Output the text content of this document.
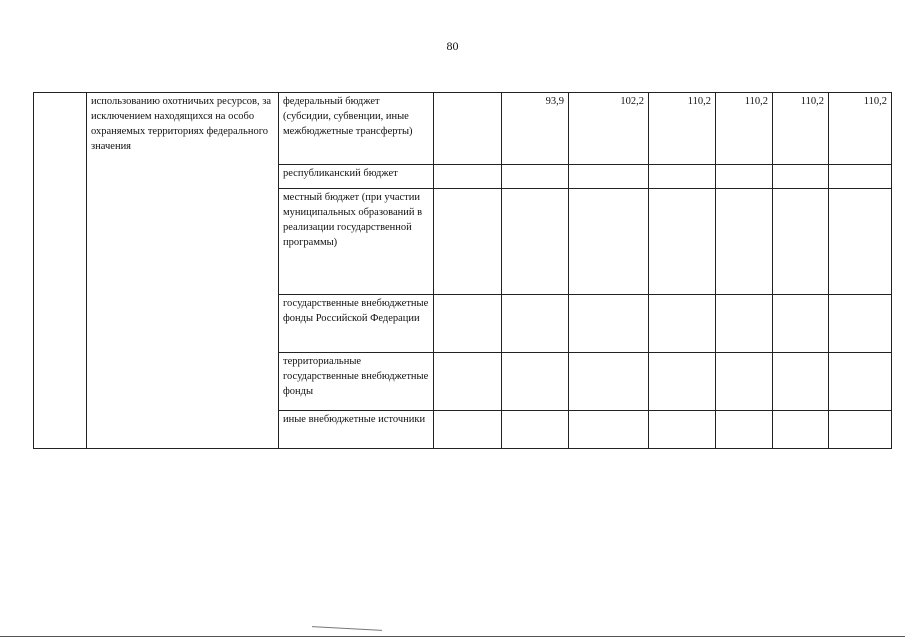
80
	использованию охотничьих ресурсов, за исключением находящихся на особо охраняемых территориях федерального значения	федеральный бюджет (субсидии, субвенции, иные межбюджетные трансферты)		93,9	102,2	110,2	110,2	110,2	110,2
		республиканский бюджет							
		местный бюджет (при участии муниципальных образований в реализации государственной программы)							
		государственные внебюджетные фонды Российской Федерации							
		территориальные государственные внебюджетные фонды							
		иные внебюджетные источники							
